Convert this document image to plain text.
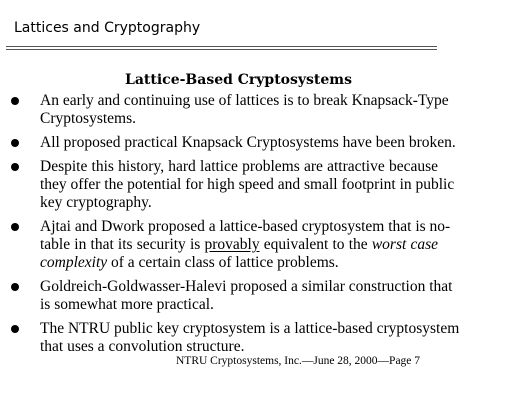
Lattices and Cryptography
Lattice-Based Cryptosystems
An early and continuing use of lattices is to break Knapsack-Type
Cryptosystems.
All proposed practical Knapsack Cryptosystems have been broken.
Despite this history, hard lattice problems are attractive because
they offer the potential for high speed and small footprint in public
key cryptography.
Ajtai and Dwork proposed a lattice-based cryptosystem that is no-
table in that its security is provably equivalent to the worst case
complexity of a certain class of lattice problems.
Goldreich-Goldwasser-Halevi proposed a similar construction that
is somewhat more practical.
The NTRU public key cryptosystem is a lattice-based cryptosystem
that uses a convolution structure.
NTRU Cryptosystems, Inc.—June 28, 2000—Page 7
